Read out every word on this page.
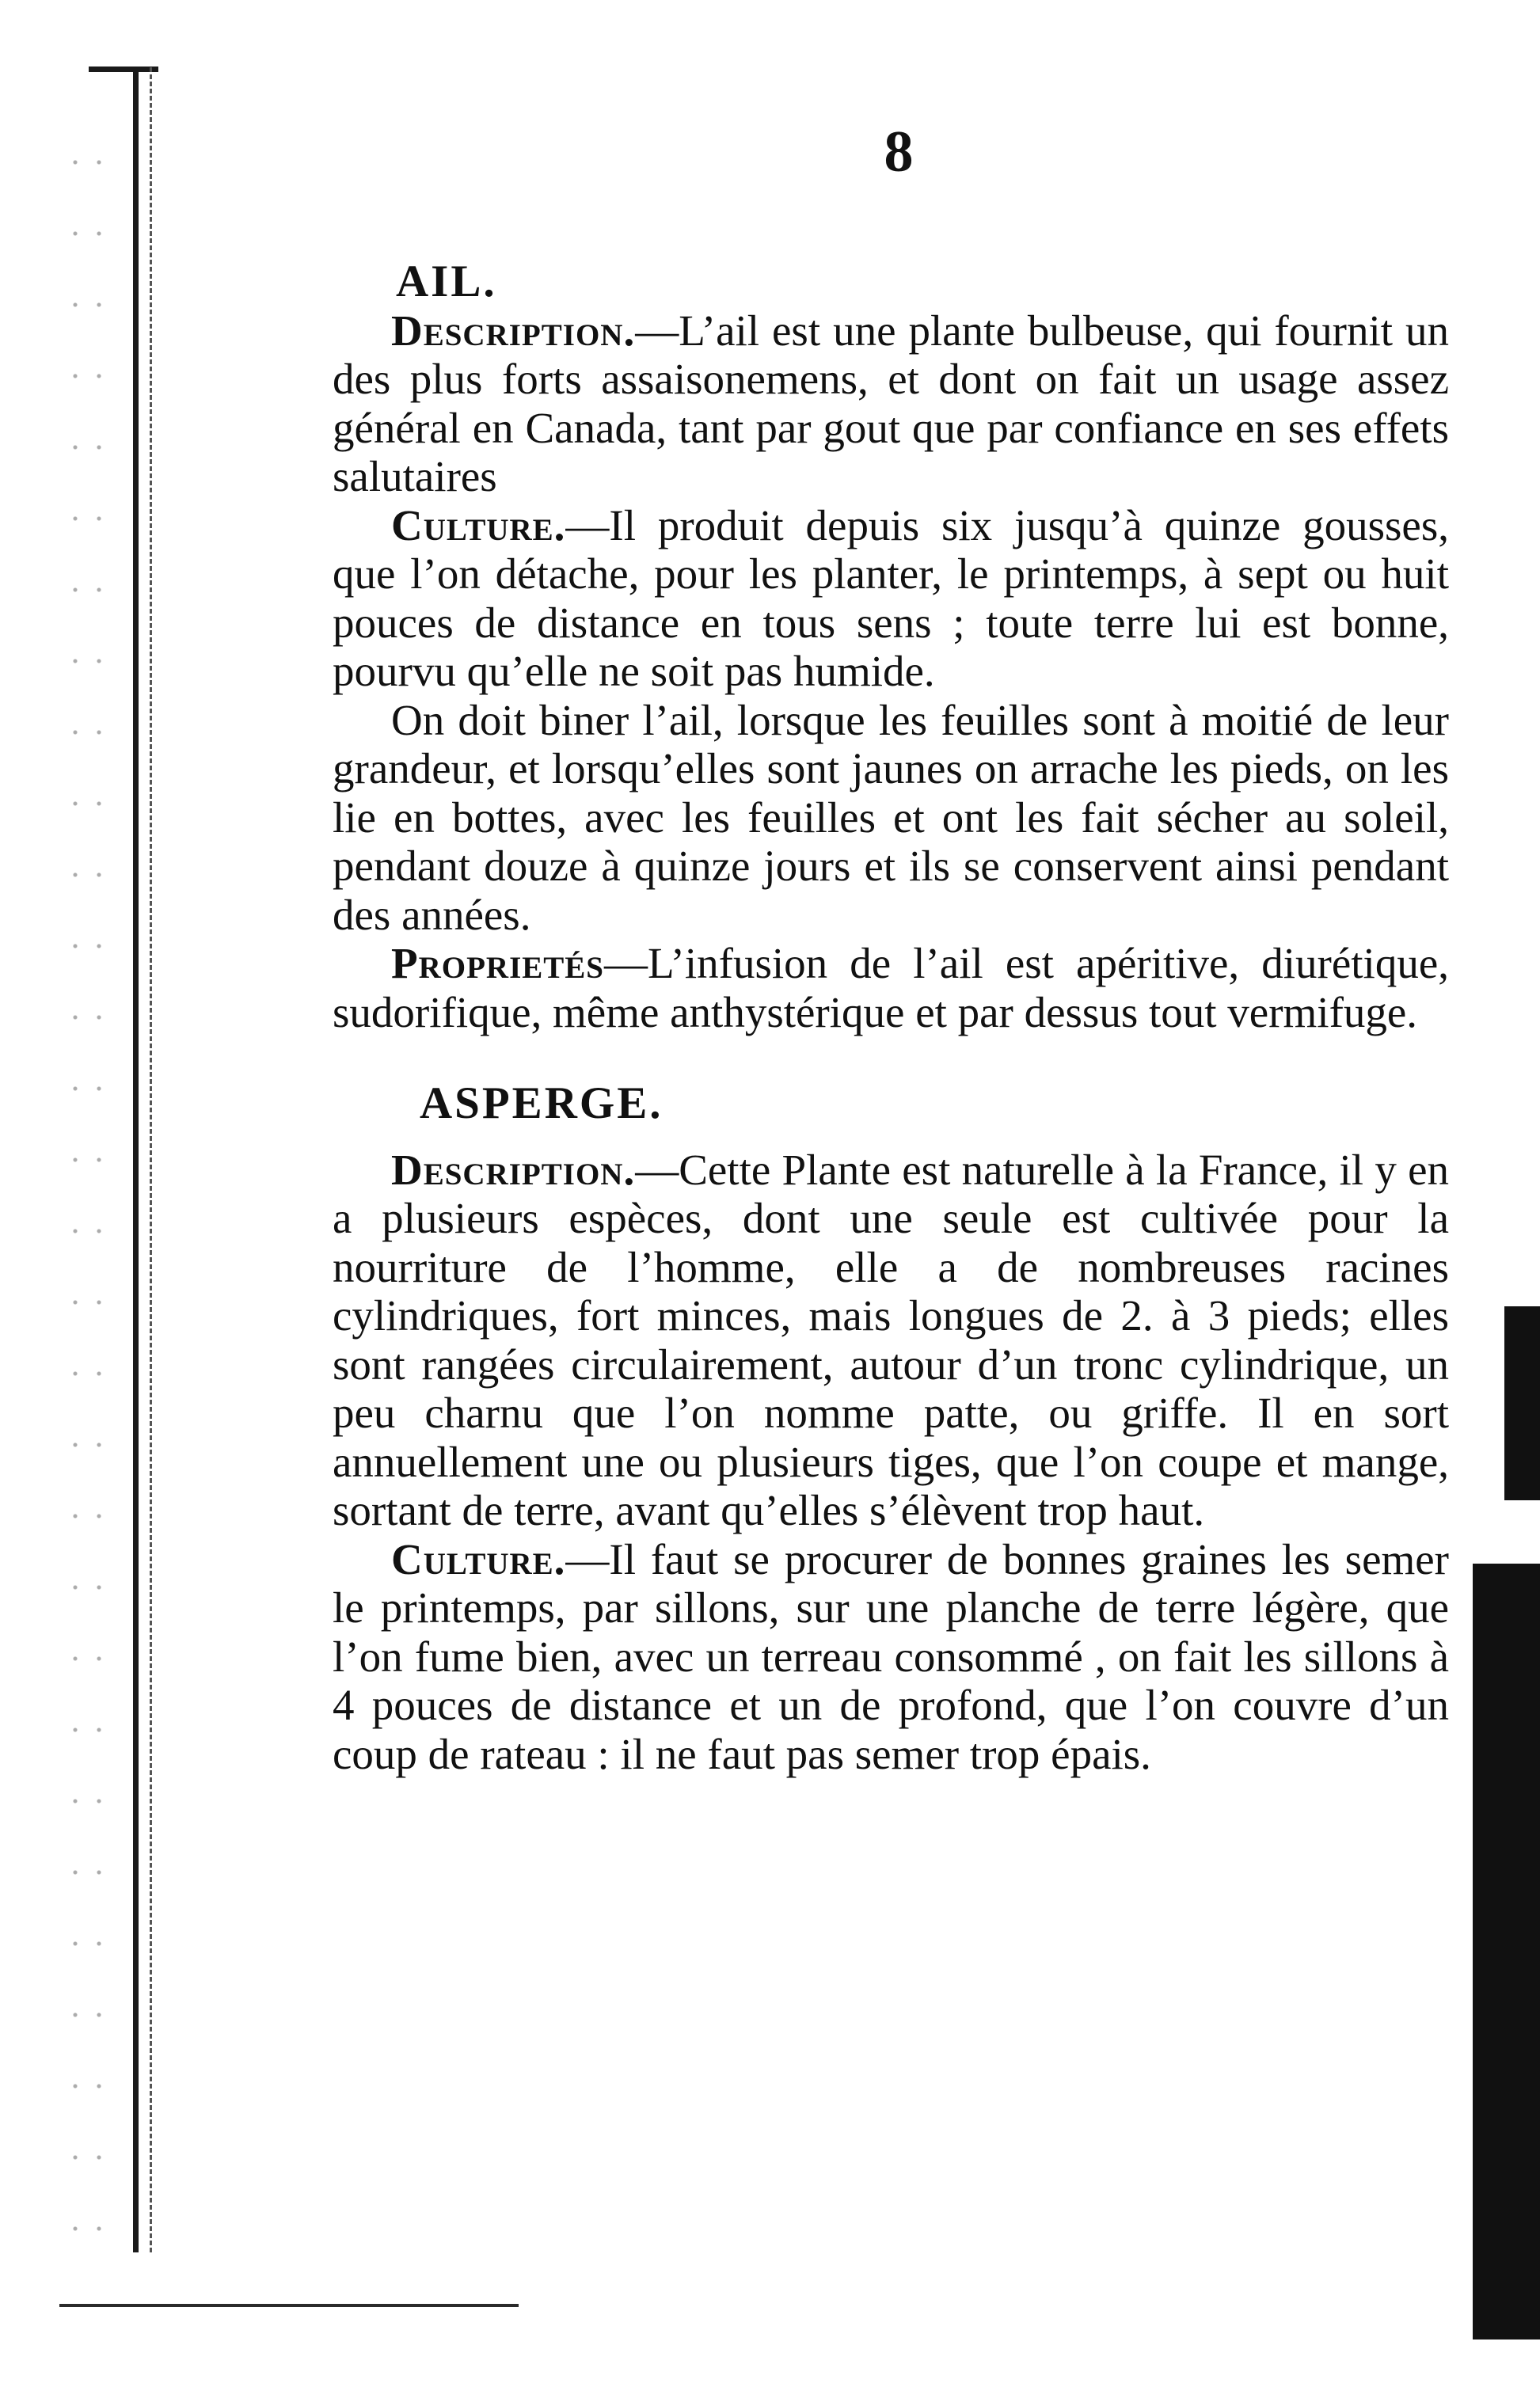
8
AIL.

Description.—L’ail est une plante bulbeuse, qui fournit un des plus forts assaisonemens, et dont on fait un usage assez général en Canada, tant par gout que par confiance en ses effets salutaires

Culture.—Il produit depuis six jusqu’à quinze gousses, que l’on détache, pour les planter, le printemps, à sept ou huit pouces de distance en tous sens ; toute terre lui est bonne, pourvu qu’elle ne soit pas humide.

On doit biner l’ail, lorsque les feuilles sont à moitié de leur grandeur, et lorsqu’elles sont jaunes on arrache les pieds, on les lie en bottes, avec les feuilles et ont les fait sécher au soleil, pendant douze à quinze jours et ils se conservent ainsi pendant des années.

Proprietés—L’infusion de l’ail est apéritive, diurétique, sudorifique, même anthystérique et par dessus tout vermifuge.

ASPERGE.

Description.—Cette Plante est naturelle à la France, il y en a plusieurs espèces, dont une seule est cultivée pour la nourriture de l’homme, elle a de nombreuses racines cylindriques, fort minces, mais longues de 2. à 3 pieds; elles sont rangées circulairement, autour d’un tronc cylindrique, un peu charnu que l’on nomme patte, ou griffe. Il en sort annuellement une ou plusieurs tiges, que l’on coupe et mange, sortant de terre, avant qu’elles s’élèvent trop haut.

Culture.—Il faut se procurer de bonnes graines les semer le printemps, par sillons, sur une planche de terre légère, que l’on fume bien, avec un terreau consommé , on fait les sillons à 4 pouces de distance et un de profond, que l’on couvre d’un coup de rateau : il ne faut pas semer trop épais.
